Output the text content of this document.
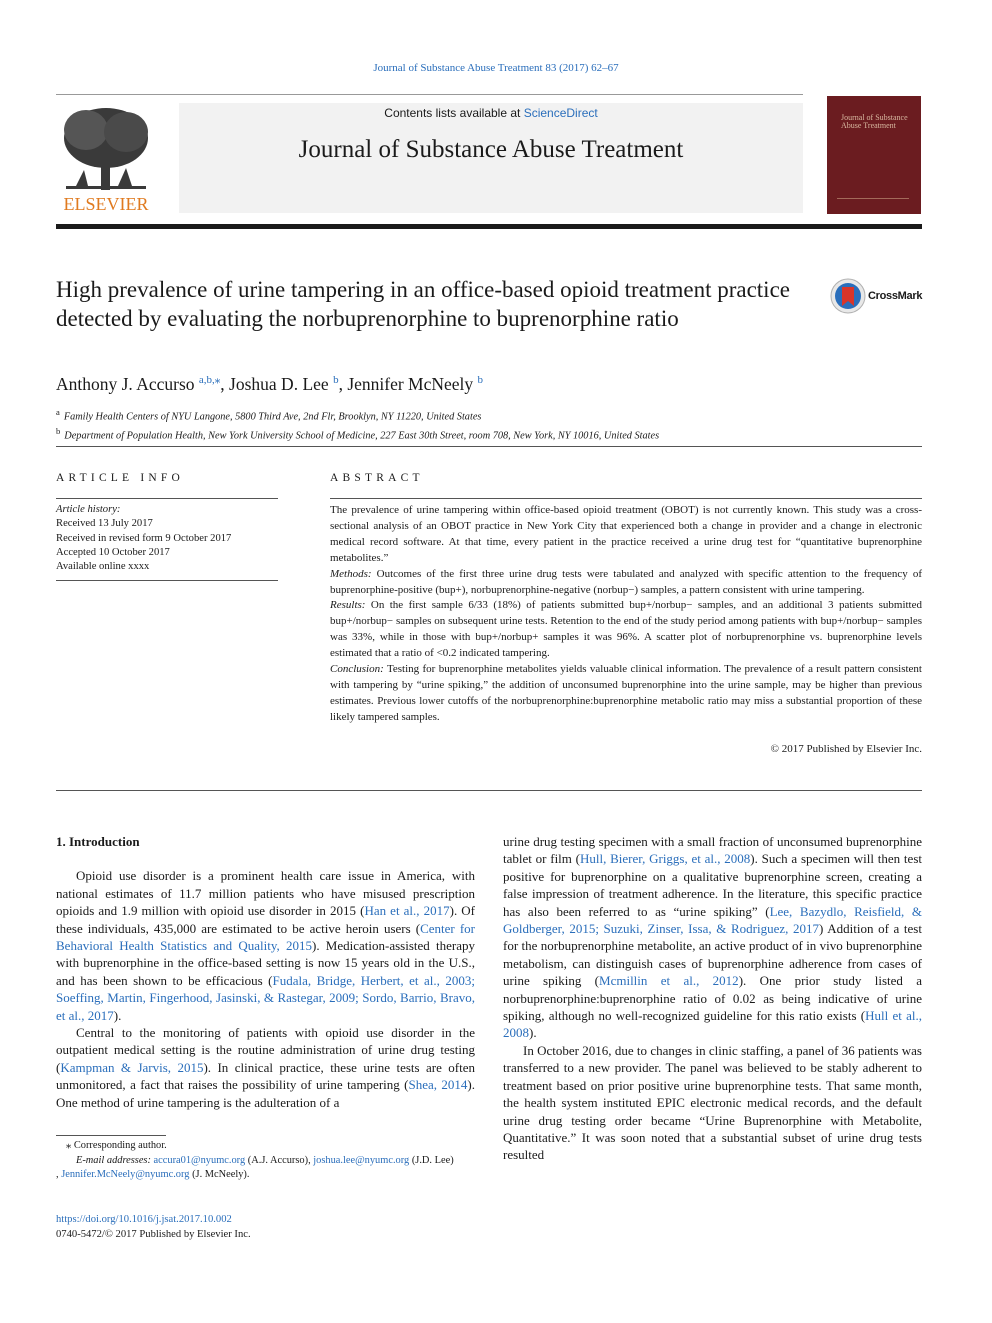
Journal of Substance Abuse Treatment 83 (2017) 62–67
ELSEVIER
Contents lists available at ScienceDirect
Journal of Substance Abuse Treatment
Journal of Substance Abuse Treatment
High prevalence of urine tampering in an office-based opioid treatment practice detected by evaluating the norbuprenorphine to buprenorphine ratio
CrossMark
Anthony J. Accurso $^{a,b,⁎}$, Joshua D. Lee $^b$, Jennifer McNeely $^b$
$^a$ Family Health Centers of NYU Langone, 5800 Third Ave, 2nd Flr, Brooklyn, NY 11220, United States
$^b$ Department of Population Health, New York University School of Medicine, 227 East 30th Street, room 708, New York, NY 10016, United States
ARTICLE INFO
Article history:
Received 13 July 2017
Received in revised form 9 October 2017
Accepted 10 October 2017
Available online xxxx
ABSTRACT

The prevalence of urine tampering within office-based opioid treatment (OBOT) is not currently known. This study was a cross-sectional analysis of an OBOT practice in New York City that experienced both a change in provider and a change in electronic medical record software. At that time, every patient in the practice received a urine drug test for “quantitative buprenorphine metabolites.”

Methods: Outcomes of the first three urine drug tests were tabulated and analyzed with specific attention to the frequency of buprenorphine-positive (bup+), norbuprenorphine-negative (norbup−) samples, a pattern consistent with urine tampering.

Results: On the first sample 6/33 (18%) of patients submitted bup+/norbup− samples, and an additional 3 patients submitted bup+/norbup− samples on subsequent urine tests. Retention to the end of the study period among patients with bup+/norbup− samples was 33%, while in those with bup+/norbup+ samples it was 96%. A scatter plot of norbuprenorphine vs. buprenorphine levels estimated that a ratio of <0.2 indicated tampering.

Conclusion: Testing for buprenorphine metabolites yields valuable clinical information. The prevalence of a result pattern consistent with tampering by “urine spiking,” the addition of unconsumed buprenorphine into the urine sample, may be higher than previous estimates. Previous lower cutoffs of the norbuprenorphine:buprenorphine metabolic ratio may miss a substantial proportion of these likely tampered samples.

© 2017 Published by Elsevier Inc.

1. Introduction

Opioid use disorder is a prominent health care issue in America, with national estimates of 11.7 million patients who have misused prescription opioids and 1.9 million with opioid use disorder in 2015 (Han et al., 2017). Of these individuals, 435,000 are estimated to be active heroin users (Center for Behavioral Health Statistics and Quality, 2015). Medication-assisted therapy with buprenorphine in the office-based setting is now 15 years old in the U.S., and has been shown to be efficacious (Fudala, Bridge, Herbert, et al., 2003; Soeffing, Martin, Fingerhood, Jasinski, & Rastegar, 2009; Sordo, Barrio, Bravo, et al., 2017).

Central to the monitoring of patients with opioid use disorder in the outpatient medical setting is the routine administration of urine drug testing (Kampman & Jarvis, 2015). In clinical practice, these urine tests are often unmonitored, a fact that raises the possibility of urine tampering (Shea, 2014). One method of urine tampering is the adulteration of a

urine drug testing specimen with a small fraction of unconsumed buprenorphine tablet or film (Hull, Bierer, Griggs, et al., 2008). Such a specimen will then test positive for buprenorphine on a qualitative buprenorphine screen, creating a false impression of treatment adherence. In the literature, this specific practice has also been referred to as “urine spiking” (Lee, Bazydlo, Reisfield, & Goldberger, 2015; Suzuki, Zinser, Issa, & Rodriguez, 2017) Addition of a test for the norbuprenorphine metabolite, an active product of in vivo buprenorphine metabolism, can distinguish cases of buprenorphine adherence from cases of urine spiking (Mcmillin et al., 2012). One prior study listed a norbuprenorphine:buprenorphine ratio of 0.02 as being indicative of urine spiking, although no well-recognized guideline for this ratio exists (Hull et al., 2008).

In October 2016, due to changes in clinic staffing, a panel of 36 patients was transferred to a new provider. The panel was believed to be stably adherent to treatment based on prior positive urine buprenorphine tests. That same month, the health system instituted EPIC electronic medical records, and the default urine drug testing order became “Urine Buprenorphine with Metabolite, Quantitative.” It was soon noted that a substantial subset of urine drug tests resulted

⁎ Corresponding author.
E-mail addresses: accura01@nyumc.org (A.J. Accurso), joshua.lee@nyumc.org (J.D. Lee)
, Jennifer.McNeely@nyumc.org (J. McNeely).
https://doi.org/10.1016/j.jsat.2017.10.002
0740-5472/© 2017 Published by Elsevier Inc.
